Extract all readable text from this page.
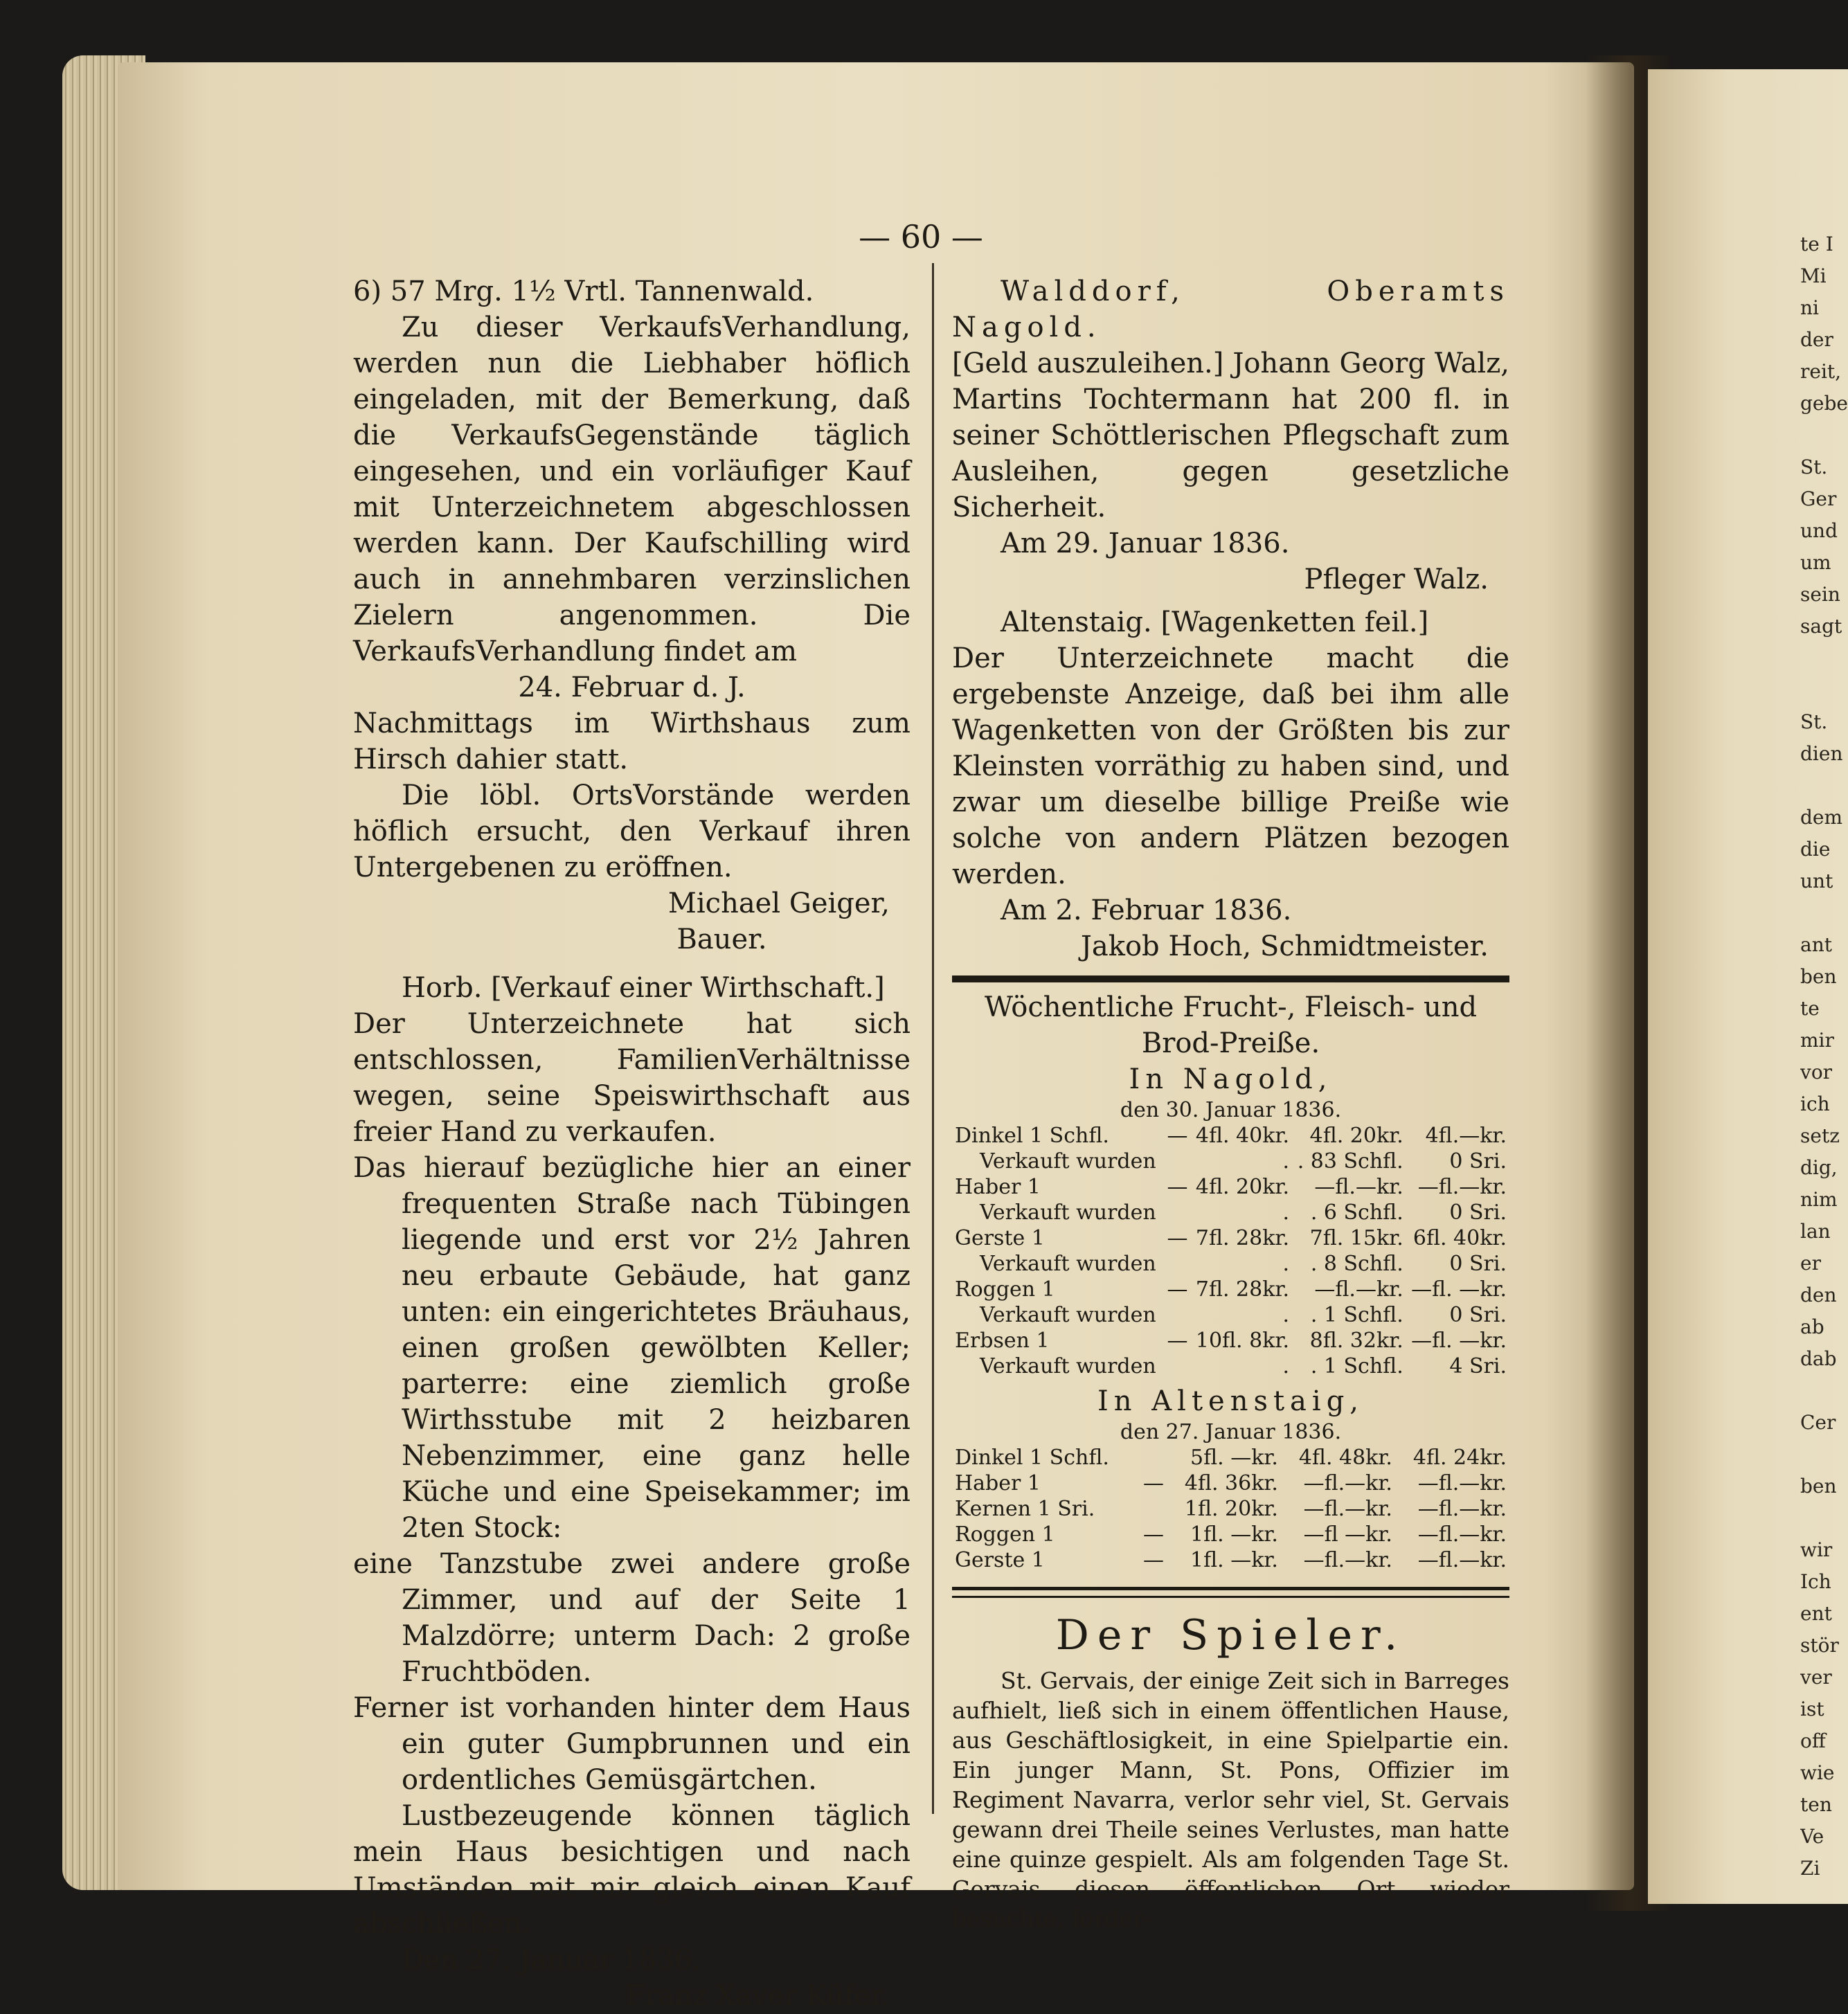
— 60 —

6) 57 Mrg. 1½ Vrtl. Tannenwald.

Zu dieser VerkaufsVerhandlung, werden nun die Liebhaber höflich eingeladen, mit der Bemerkung, daß die VerkaufsGegenstände täglich eingesehen, und ein vorläufiger Kauf mit Unterzeichnetem abgeschlossen werden kann. Der Kaufschilling wird auch in annehmbaren verzinslichen Zielern angenommen. Die VerkaufsVerhandlung findet am

24. Februar d. J.

Nachmittags im Wirthshaus zum Hirsch dahier statt.

Die löbl. OrtsVorstände werden höflich ersucht, den Verkauf ihren Untergebenen zu eröffnen.

Michael Geiger,

Bauer.

Horb. [Verkauf einer Wirthschaft.]

Der Unterzeichnete hat sich entschlossen, FamilienVerhältnisse wegen, seine Speiswirthschaft aus freier Hand zu verkaufen.

Das hierauf bezügliche hier an einer frequenten Straße nach Tübingen liegende und erst vor 2½ Jahren neu erbaute Gebäude, hat ganz unten: ein eingerichtetes Bräuhaus, einen großen gewölbten Keller; parterre: eine ziemlich große Wirthsstube mit 2 heizbaren Nebenzimmer, eine ganz helle Küche und eine Speisekammer; im 2ten Stock:

eine Tanzstube zwei andere große Zimmer, und auf der Seite 1 Malzdörre; unterm Dach: 2 große Fruchtböden.

Ferner ist vorhanden hinter dem Haus ein guter Gumpbrunnen und ein ordentliches Gemüsgärtchen.

Lustbezeugende können täglich mein Haus besichtigen und nach Umständen mit mir gleich einen Kauf abschließen.

Den 27. Januar 1836.

Franz Xaver Küfer.

Walddorf, Oberamts Nagold.

[Geld auszuleihen.] Johann Georg Walz, Martins Tochtermann hat 200 fl. in seiner Schöttlerischen Pflegschaft zum Ausleihen, gegen gesetzliche Sicherheit.

Am 29. Januar 1836.

Pfleger Walz.

Altenstaig. [Wagenketten feil.]

Der Unterzeichnete macht die ergebenste Anzeige, daß bei ihm alle Wagenketten von der Größten bis zur Kleinsten vorräthig zu haben sind, und zwar um dieselbe billige Preiße wie solche von andern Plätzen bezogen werden.

Am 2. Februar 1836.

Jakob Hoch, Schmidtmeister.

Wöchentliche Frucht-, Fleisch- und
Brod-Preiße.
In Nagold,
den 30. Januar 1836.
Dinkel 1 Schfl.	—	4fl. 40kr.	4fl. 20kr.	4fl.—kr.
Verkauft wurden		.	. 83 Schfl.	0 Sri.
Haber 1	—	4fl. 20kr.	—fl.—kr.	—fl.—kr.
Verkauft wurden		.	. 6 Schfl.	0 Sri.
Gerste 1	—	7fl. 28kr.	7fl. 15kr.	6fl. 40kr.
Verkauft wurden		.	. 8 Schfl.	0 Sri.
Roggen 1	—	7fl. 28kr.	—fl.—kr.	—fl. —kr.
Verkauft wurden		.	. 1 Schfl.	0 Sri.
Erbsen 1	—	10fl. 8kr.	8fl. 32kr.	—fl. —kr.
Verkauft wurden		.	. 1 Schfl.	4 Sri.
In Altenstaig,
den 27. Januar 1836.
Dinkel 1 Schfl.		5fl. —kr.	4fl. 48kr.	4fl. 24kr.
Haber 1	—	4fl. 36kr.	—fl.—kr.	—fl.—kr.
Kernen 1 Sri.		1fl. 20kr.	—fl.—kr.	—fl.—kr.
Roggen 1	—	1fl. —kr.	—fl —kr.	—fl.—kr.
Gerste 1	—	1fl. —kr.	—fl.—kr.	—fl.—kr.
Der Spieler.

St. Gervais, der einige Zeit sich in Barreges aufhielt, ließ sich in einem öffentlichen Hause, aus Geschäftlosigkeit, in eine Spielpartie ein. Ein junger Mann, St. Pons, Offizier im Regiment Navarra, verlor sehr viel, St. Gervais gewann drei Theile seines Verlustes, man hatte eine quinze gespielt. Als am folgenden Tage St. Gervais diesen öffentlichen Ort wieder besuchte, forder-

te I
Mi
ni
der
reit,
gebe

St.
Ger
und
um
sein
sagt

St.
dien

dem
die
unt

ant
ben
te
mir
vor
ich
setz
dig,
nim
lan
er
den
ab
dab

Cer

ben

wir
Ich
ent
stör
ver
ist
off
wie
ten
Ve
Zi
